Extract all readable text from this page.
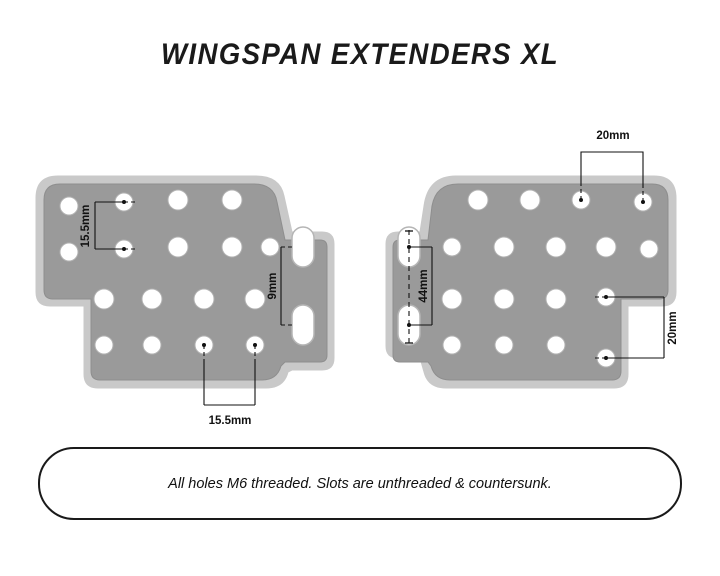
WINGSPAN EXTENDERS XL
15.5mm
9mm
15.5mm
20mm
44mm
20mm
All holes M6 threaded. Slots are unthreaded & countersunk.
